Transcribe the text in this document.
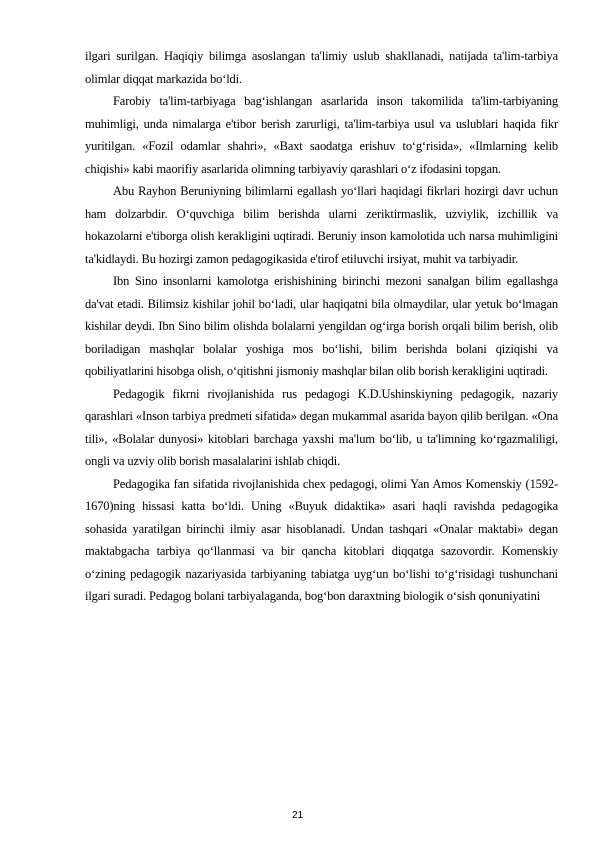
ilgari surilgan. Haqiqiy bilimga asoslangan ta'limiy uslub shakllanadi, natijada ta'lim-tarbiya olimlar diqqat markazida bo‘ldi.

Farobiy ta'lim-tarbiyaga bag‘ishlangan asarlarida inson takomilida ta'lim-tarbiyaning muhimligi, unda nimalarga e'tibor berish zarurligi, ta'lim-tarbiya usul va uslublari haqida fikr yuritilgan. «Fozil odamlar shahri», «Baxt saodatga erishuv to‘g‘risida», «Ilmlarning kelib chiqishi» kabi maorifiy asarlarida olimning tarbiyaviy qarashlari o‘z ifodasini topgan.

Abu Rayhon Beruniyning bilimlarni egallash yo‘llari haqidagi fikrlari hozirgi davr uchun ham dolzarbdir. O‘quvchiga bilim berishda ularni zeriktirmaslik, uzviylik, izchillik va hokazolarni e'tiborga olish kerakligini uqtiradi. Beruniy inson kamolotida uch narsa muhimligini ta'kidlaydi. Bu hozirgi zamon pedagogikasida e'tirof etiluvchi irsiyat, muhit va tarbiyadir.

Ibn Sino insonlarni kamolotga erishishining birinchi mezoni sanalgan bilim egallashga da'vat etadi. Bilimsiz kishilar johil bo‘ladi, ular haqiqatni bila olmaydilar, ular yetuk bo‘lmagan kishilar deydi. Ibn Sino bilim olishda bolalarni yengildan og‘irga borish orqali bilim berish, olib boriladigan mashqlar bolalar yoshiga mos bo‘lishi, bilim berishda bolani qiziqishi va qobiliyatlarini hisobga olish, o‘qitishni jismoniy mashqlar bilan olib borish kerakligini uqtiradi.

Pedagogik fikrni rivojlanishida rus pedagogi K.D.Ushinskiyning pedagogik, nazariy qarashlari «Inson tarbiya predmeti sifatida» degan mukammal asarida bayon qilib berilgan. «Ona tili», «Bolalar dunyosi» kitoblari barchaga yaxshi ma'lum bo‘lib, u ta'limning ko‘rgazmaliligi, ongli va uzviy olib borish masalalarini ishlab chiqdi.

Pedagogika fan sifatida rivojlanishida chex pedagogi, olimi Yan Amos Komenskiy (1592-1670)ning hissasi katta bo‘ldi. Uning «Buyuk didaktika» asari haqli ravishda pedagogika sohasida yaratilgan birinchi ilmiy asar hisoblanadi. Undan tashqari «Onalar maktabi» degan maktabgacha tarbiya qo‘llanmasi va bir qancha kitoblari diqqatga sazovordir. Komenskiy o‘zining pedagogik nazariyasida tarbiyaning tabiatga uyg‘un bo‘lishi to‘g‘risidagi tushunchani ilgari suradi. Pedagog bolani tarbiyalaganda, bog‘bon daraxtning biologik o‘sish qonuniyatini

21
